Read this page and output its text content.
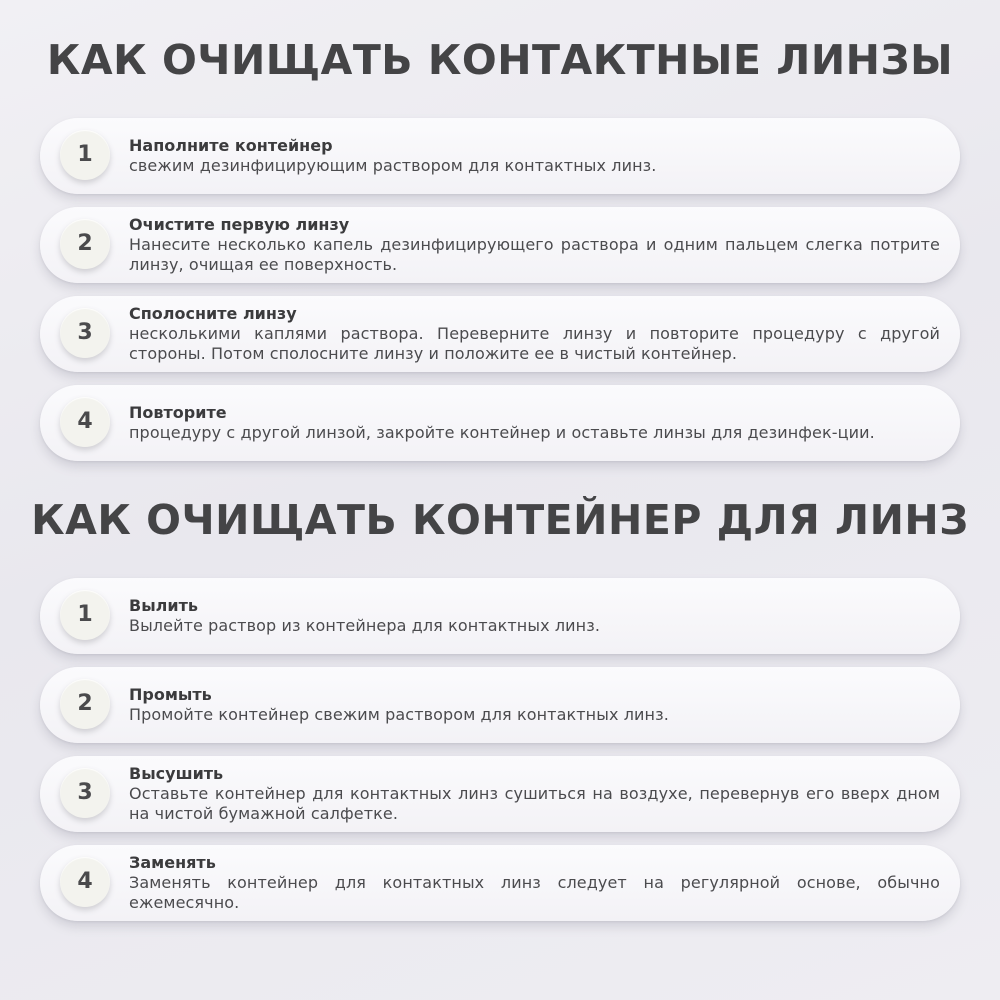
КАК ОЧИЩАТЬ КОНТАКТНЫЕ ЛИНЗЫ
1	Наполните контейнер
свежим дезинфицирующим раствором для контактных линз.
2
Очистите первую линзу
Нанесите несколько капель дезинфицирующего раствора и одним пальцем слегка потрите линзу, очищая ее поверхность.
3
Сполосните линзу
несколькими каплями раствора. Переверните линзу и повторите процедуру с другой стороны. Потом сполосните линзу и положите ее в чистый контейнер.
4	Повторите
процедуру с другой линзой, закройте контейнер и оставьте линзы для дезинфек-ции.
КАК ОЧИЩАТЬ КОНТЕЙНЕР ДЛЯ ЛИНЗ
1	Вылить
Вылейте раствор из контейнера для контактных линз.
2	Промыть
Промойте контейнер свежим раствором для контактных линз.
3
Высушить
Оставьте контейнер для контактных линз сушиться на воздухе, перевернув его вверх дном на чистой бумажной салфетке.
4
Заменять
Заменять контейнер для контактных линз следует на регулярной основе, обычно ежемесячно.
